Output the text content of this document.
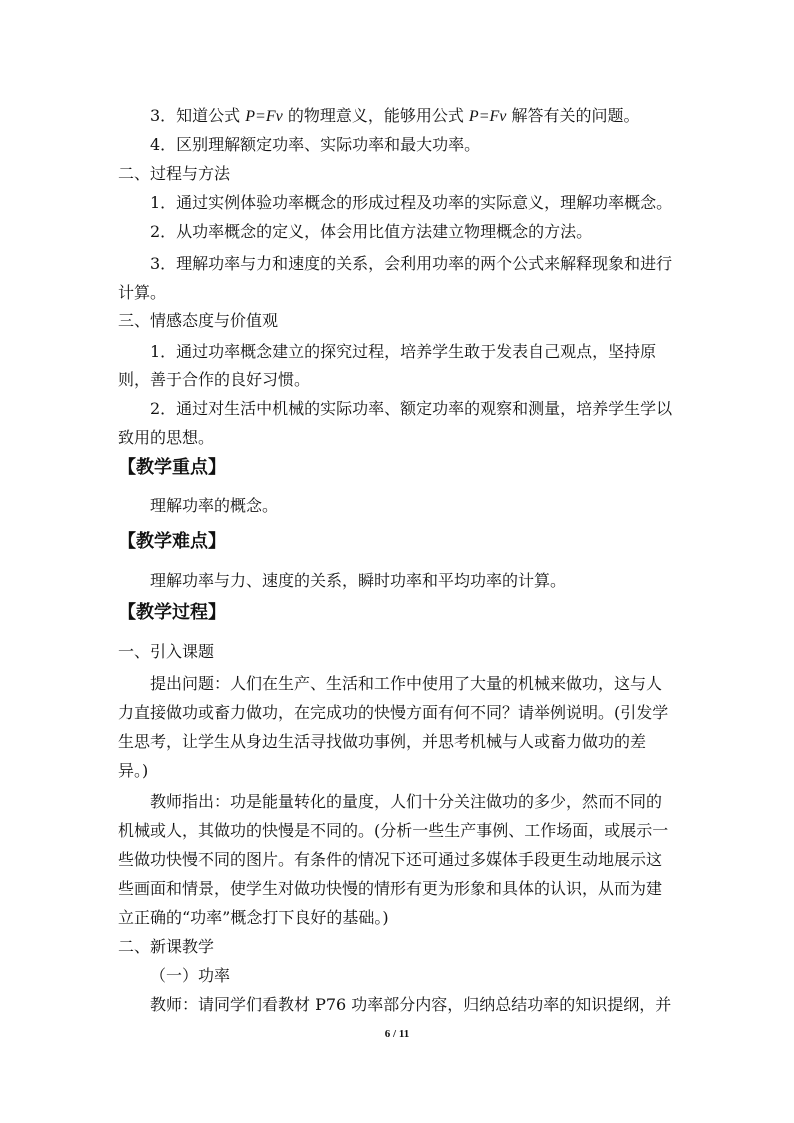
3．知道公式 P=Fv 的物理意义，能够用公式 P=Fv 解答有关的问题。
4．区别理解额定功率、实际功率和最大功率。
二、过程与方法
1．通过实例体验功率概念的形成过程及功率的实际意义，理解功率概念。
2．从功率概念的定义，体会用比值方法建立物理概念的方法。
3．理解功率与力和速度的关系，会利用功率的两个公式来解释现象和进行
计算。
三、情感态度与价值观
1．通过功率概念建立的探究过程，培养学生敢于发表自己观点，坚持原
则，善于合作的良好习惯。
2．通过对生活中机械的实际功率、额定功率的观察和测量，培养学生学以
致用的思想。
【教学重点】
理解功率的概念。
【教学难点】
理解功率与力、速度的关系，瞬时功率和平均功率的计算。
【教学过程】
一、引入课题
提出问题：人们在生产、生活和工作中使用了大量的机械来做功，这与人
力直接做功或畜力做功，在完成功的快慢方面有何不同？请举例说明。(引发学
生思考，让学生从身边生活寻找做功事例，并思考机械与人或畜力做功的差
异。)
教师指出：功是能量转化的量度，人们十分关注做功的多少，然而不同的
机械或人，其做功的快慢是不同的。(分析一些生产事例、工作场面，或展示一
些做功快慢不同的图片。有条件的情况下还可通过多媒体手段更生动地展示这
些画面和情景，使学生对做功快慢的情形有更为形象和具体的认识，从而为建
立正确的“功率”概念打下良好的基础。)
二、新课教学
（一）功率
教师：请同学们看教材 P76 功率部分内容，归纳总结功率的知识提纲，并
6 / 11
